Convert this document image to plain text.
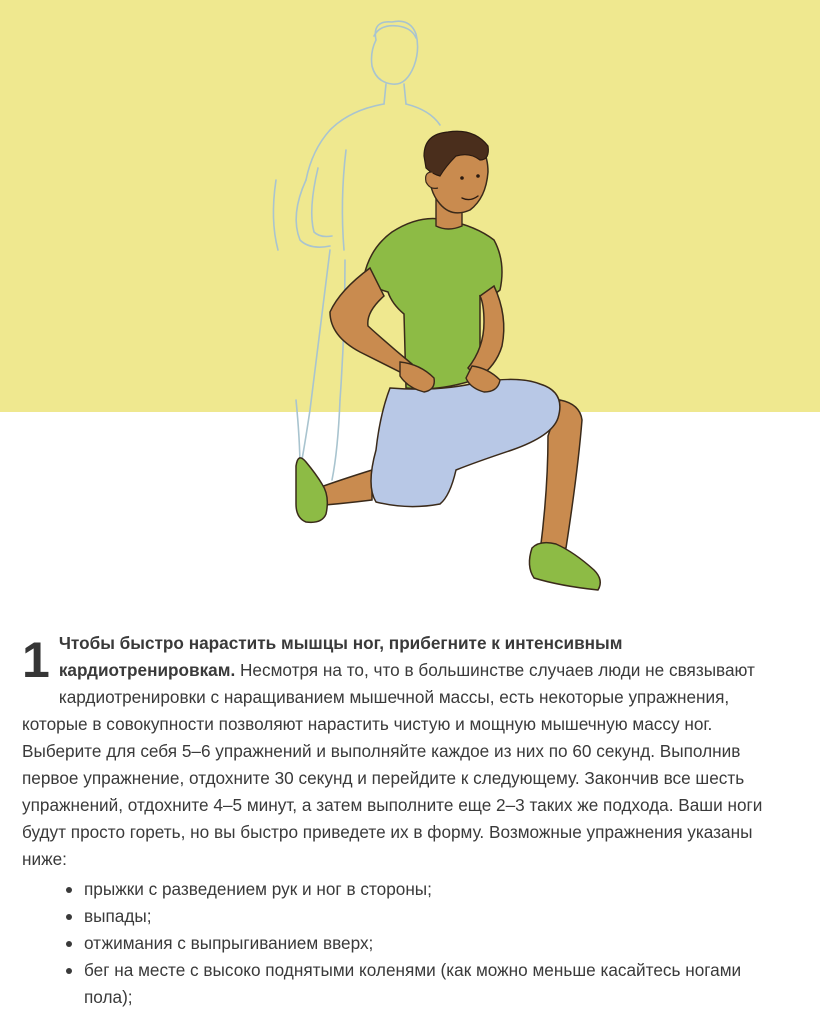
1 Чтобы быстро нарастить мышцы ног, прибегните к интенсивным кардиотренировкам. Несмотря на то, что в большинстве случаев люди не связывают кардиотренировки с наращиванием мышечной массы, есть некоторые упражнения, которые в совокупности позволяют нарастить чистую и мощную мышечную массу ног. Выберите для себя 5–6 упражнений и выполняйте каждое из них по 60 секунд. Выполнив первое упражнение, отдохните 30 секунд и перейдите к следующему. Закончив все шесть упражнений, отдохните 4–5 минут, а затем выполните еще 2–3 таких же подхода. Ваши ноги будут просто гореть, но вы быстро приведете их в форму. Возможные упражнения указаны ниже:

прыжки с разведением рук и ног в стороны;
выпады;
отжимания с выпрыгиванием вверх;
бег на месте с высоко поднятыми коленями (как можно меньше касайтесь ногами пола);
